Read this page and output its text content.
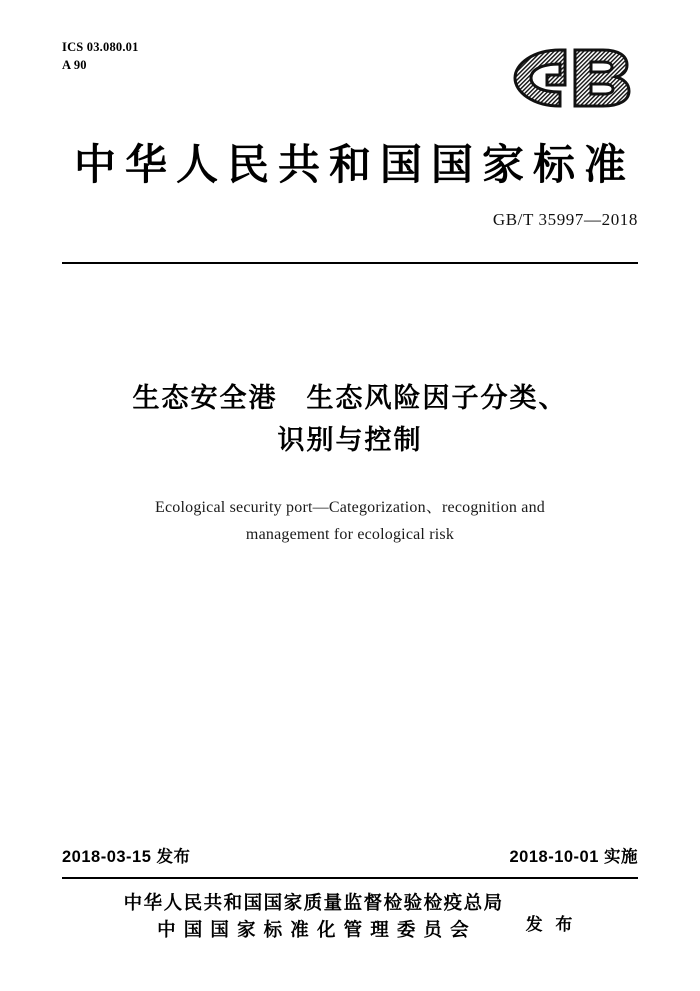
ICS 03.080.01
A 90
中华人民共和国国家标准
GB/T 35997—2018
生态安全港　生态风险因子分类、
识别与控制
Ecological security port—Categorization、recognition and
management for ecological risk
2018-03-15 发布	2018-10-01 实施
中华人民共和国国家质量监督检验检疫总局
中 国 国 家 标 准 化 管 理 委 员 会	发 布
